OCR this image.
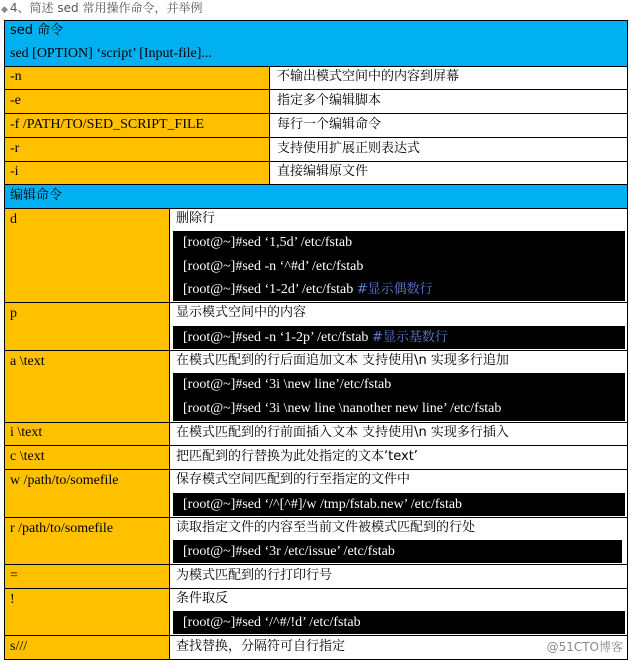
◆ 4、简述 sed 常用操作命令，并举例
sed 命令
sed [OPTION] ‘script’ [Input-file]...
-n	不输出模式空间中的内容到屏幕
-e	指定多个编辑脚本
-f /PATH/TO/SED_SCRIPT_FILE	每行一个编辑命令
-r	支持使用扩展正则表达式
-i	直接编辑原文件
编辑命令
d	删除行
[root@~]#sed ‘1,5d’ /etc/fstab
[root@~]#sed -n ‘^#d’ /etc/fstab
[root@~]#sed ‘1-2d’ /etc/fstab #显示偶数行
p	显示模式空间中的内容
[root@~]#sed -n ‘1-2p’ /etc/fstab #显示基数行
a \text	在模式匹配到的行后面追加文本 支持使用\n 实现多行追加
[root@~]#sed ‘3i \new line’/etc/fstab
[root@~]#sed ‘3i \new line \nanother new line’ /etc/fstab
i \text	在模式匹配到的行前面插入文本 支持使用\n 实现多行插入
c \text	把匹配到的行替换为此处指定的文本‘text’
w /path/to/somefile	保存模式空间匹配到的行至指定的文件中
[root@~]#sed ‘/^[^#]/w /tmp/fstab.new’ /etc/fstab
r /path/to/somefile	读取指定文件的内容至当前文件被模式匹配到的行处
[root@~]#sed ‘3r /etc/issue’ /etc/fstab
=	为模式匹配到的行打印行号
!	条件取反
[root@~]#sed ‘/^#/!d’ /etc/fstab
s///	查找替换，分隔符可自行指定	@51CTO博客
